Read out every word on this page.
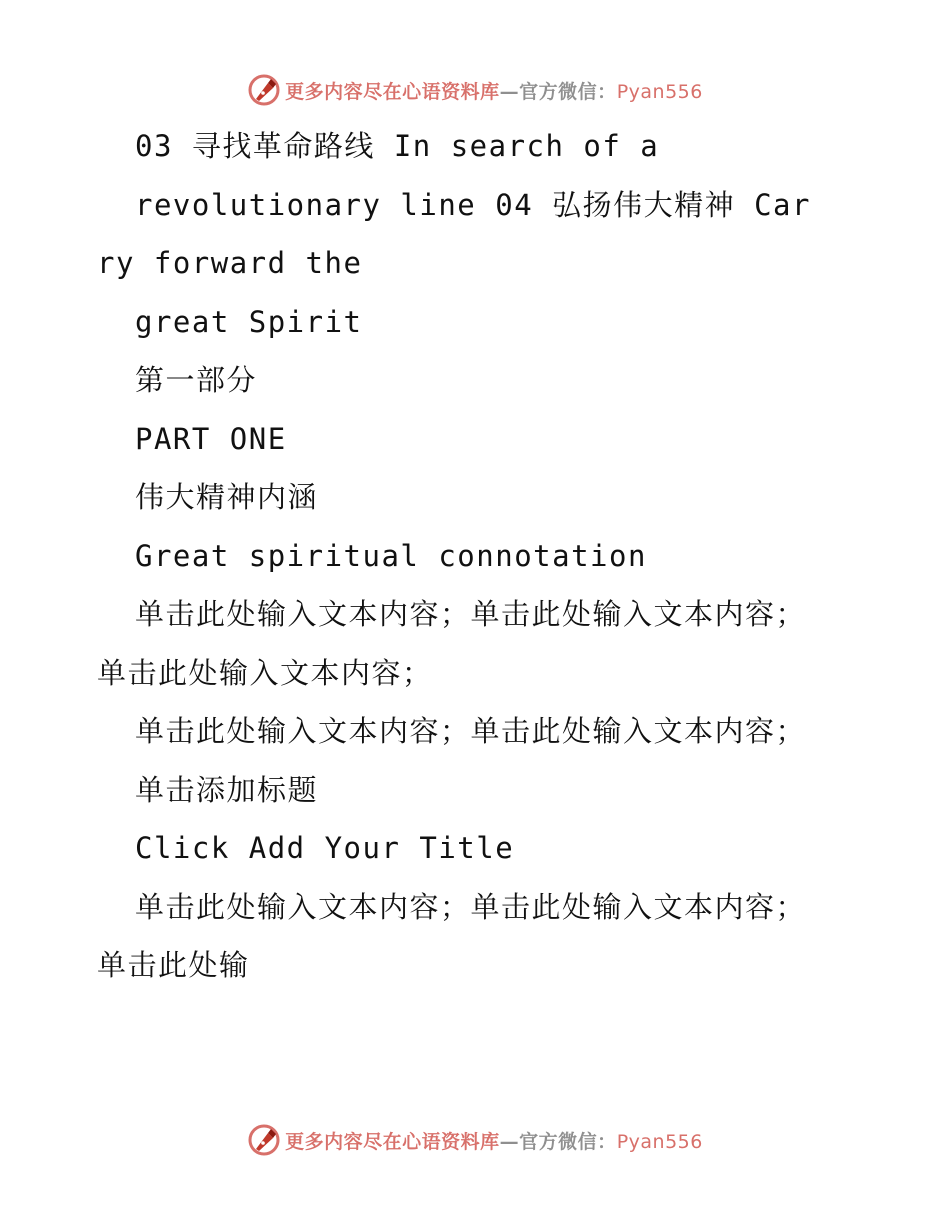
更多内容尽在心语资料库—官方微信：Pyan556

03 寻找革命路线 In search of a

revolutionary line 04 弘扬伟大精神 Carry forward the

great Spirit

第一部分

PART ONE

伟大精神内涵

Great spiritual connotation

单击此处输入文本内容；单击此处输入文本内容；单击此处输入文本内容；

单击此处输入文本内容；单击此处输入文本内容；

单击添加标题

Click Add Your Title

单击此处输入文本内容；单击此处输入文本内容；单击此处输

更多内容尽在心语资料库—官方微信：Pyan556
